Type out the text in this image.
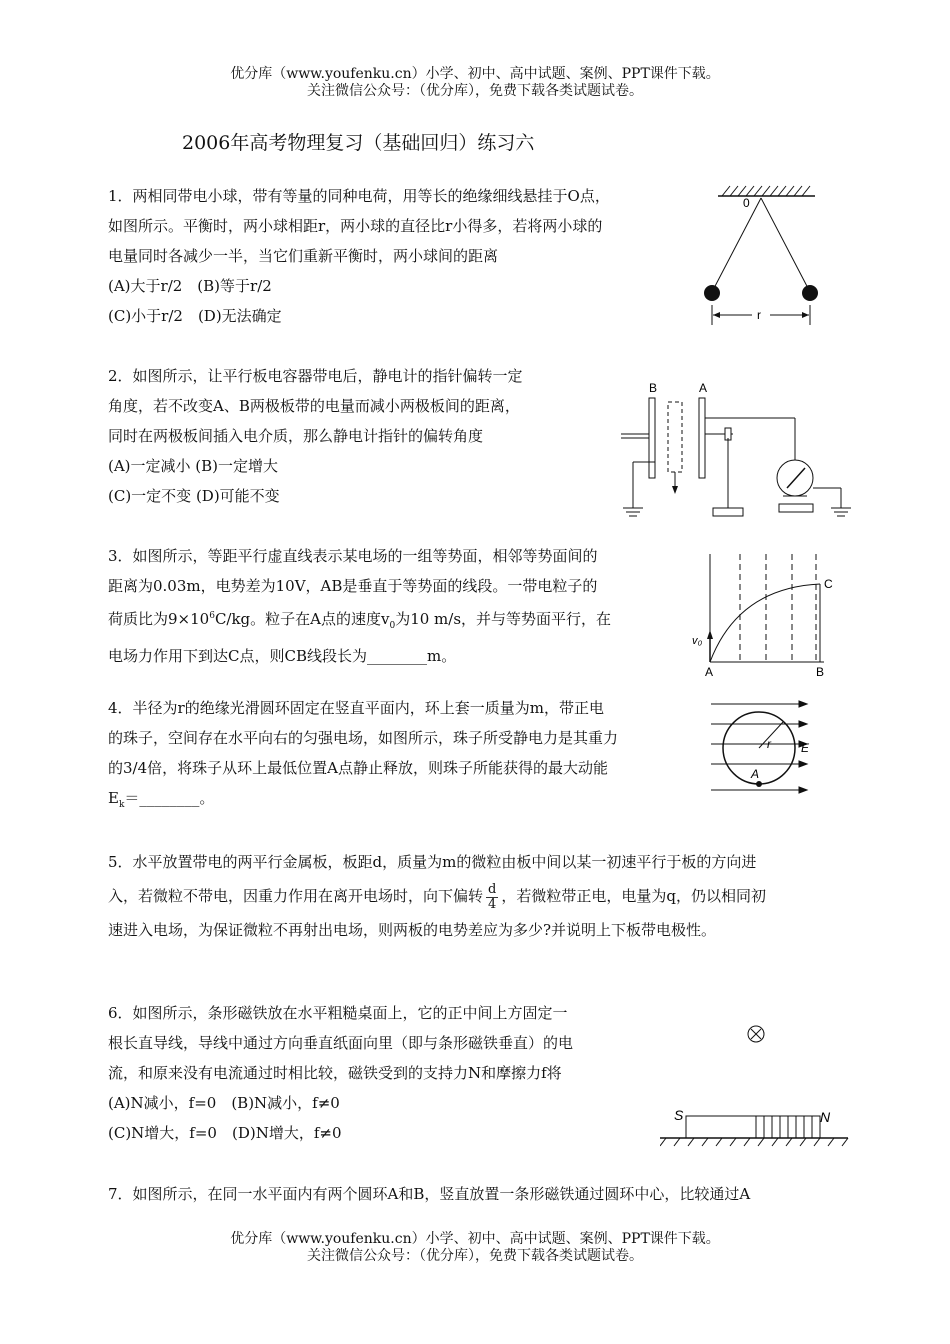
优分库（www.youfenku.cn）小学、初中、高中试题、案例、PPT课件下载。
关注微信公众号：（优分库），免费下载各类试题试卷。
2006年高考物理复习（基础回归）练习六

1．两相同带电小球，带有等量的同种电荷，用等长的绝缘细线悬挂于O点，

如图所示。平衡时，两小球相距r，两小球的直径比r小得多，若将两小球的

电量同时各减少一半，当它们重新平衡时，两小球间的距离

(A)大于r/2　(B)等于r/2

(C)小于r/2　(D)无法确定

0
r

2．如图所示，让平行板电容器带电后，静电计的指针偏转一定

角度，若不改变A、B两极板带的电量而减小两极板间的距离，

同时在两极板间插入电介质，那么静电计指针的偏转角度

(A)一定减小 (B)一定增大

(C)一定不变 (D)可能不变

B	A

3．如图所示，等距平行虚直线表示某电场的一组等势面，相邻等势面间的

距离为0.03m，电势差为10V，AB是垂直于等势面的线段。一带电粒子的

荷质比为$9\times 10^6C/kg$。粒子在A点的速度$v_0$为10 m/s，并与等势面平行，在

电场力作用下到达C点，则CB线段长为________m。

v₀
C
A	B

4．半径为r的绝缘光滑圆环固定在竖直平面内，环上套一质量为m，带正电

的珠子，空间存在水平向右的匀强电场，如图所示，珠子所受静电力是其重力

的3/4倍，将珠子从环上最低位置A点静止释放，则珠子所能获得的最大动能

$E_k=\_\_\_\_\_\_\_\_$。

r	E
A

5．水平放置带电的两平行金属板，板距d，质量为m的微粒由板中间以某一初速平行于板的方向进

入，若微粒不带电，因重力作用在离开电场时，向下偏转 $\frac{d}{4}$ ，若微粒带正电，电量为q，仍以相同初

速进入电场，为保证微粒不再射出电场，则两板的电势差应为多少?并说明上下板带电极性。

6．如图所示，条形磁铁放在水平粗糙桌面上，它的正中间上方固定一

根长直导线，导线中通过方向垂直纸面向里（即与条形磁铁垂直）的电

流，和原来没有电流通过时相比较，磁铁受到的支持力N和摩擦力f将

(A)N减小，f=0　(B)N减小，f≠0

(C)N增大，f=0　(D)N增大，f≠0

S	N

7．如图所示，在同一水平面内有两个圆环A和B，竖直放置一条形磁铁通过圆环中心，比较通过A

优分库（www.youfenku.cn）小学、初中、高中试题、案例、PPT课件下载。
关注微信公众号：（优分库），免费下载各类试题试卷。
